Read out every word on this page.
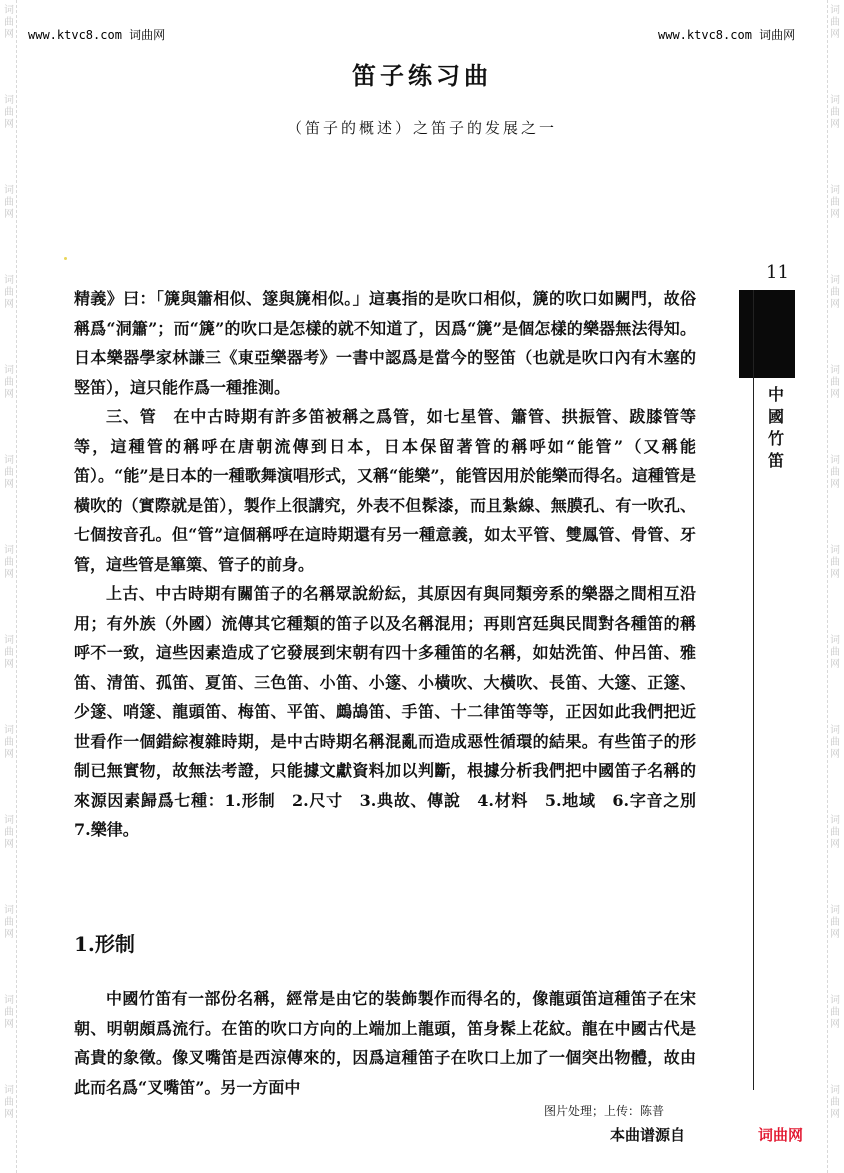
词曲网
词曲网
词曲网
词曲网
词曲网
词曲网
词曲网
词曲网
词曲网
词曲网
词曲网
词曲网
词曲网
词曲网
词曲网
词曲网
词曲网
词曲网
词曲网
词曲网
词曲网
词曲网
词曲网
词曲网
词曲网
词曲网
www.ktvc8.com 词曲网	www.ktvc8.com 词曲网
笛子练习曲
（笛子的概述）之笛子的发展之一
11
中國竹笛

精義》曰：「篪與簫相似、篴與篪相似。」這裏指的是吹口相似，篪的吹口如闕門，故俗稱爲“洞簫”；而“篪”的吹口是怎樣的就不知道了，因爲“篪”是個怎樣的樂器無法得知。日本樂器學家林謙三《東亞樂器考》一書中認爲是當今的竪笛（也就是吹口內有木塞的竪笛），這只能作爲一種推測。

三、管　在中古時期有許多笛被稱之爲管，如七星管、簫管、拱振管、跋膝管等等，這種管的稱呼在唐朝流傳到日本，日本保留著管的稱呼如“能管”（又稱能笛）。“能”是日本的一種歌舞演唱形式，又稱“能樂”，能管因用於能樂而得名。這種管是橫吹的（實際就是笛），製作上很講究，外表不但髹漆，而且紮線、無膜孔、有一吹孔、七個按音孔。但“管”這個稱呼在這時期還有另一種意義，如太平管、雙鳳管、骨管、牙管，這些管是篳篥、管子的前身。

上古、中古時期有關笛子的名稱眾說紛紜，其原因有與同類旁系的樂器之間相互沿用；有外族（外國）流傳其它種類的笛子以及名稱混用；再則宮廷與民間對各種笛的稱呼不一致，這些因素造成了它發展到宋朝有四十多種笛的名稱，如姑洗笛、仲呂笛、雅笛、清笛、孤笛、夏笛、三色笛、小笛、小篴、小橫吹、大橫吹、長笛、大篴、正篴、少篴、哨篴、龍頭笛、梅笛、平笛、鷓鴣笛、手笛、十二律笛等等，正因如此我們把近世看作一個錯綜複雜時期，是中古時期名稱混亂而造成惡性循環的結果。有些笛子的形制已無實物，故無法考證，只能據文獻資料加以判斷，根據分析我們把中國笛子名稱的來源因素歸爲七種：1.形制　2.尺寸　3.典故、傳說　4.材料　5.地域　6.字音之別　7.樂律。

1.形制

中國竹笛有一部份名稱，經常是由它的裝飾製作而得名的，像龍頭笛這種笛子在宋朝、明朝頗爲流行。在笛的吹口方向的上端加上龍頭，笛身髹上花紋。龍在中國古代是高貴的象徵。像叉嘴笛是西涼傳來的，因爲這種笛子在吹口上加了一個突出物體，故由此而名爲“叉嘴笛”。另一方面中

图片处理；上传：陈普
本曲谱源自	词曲网
